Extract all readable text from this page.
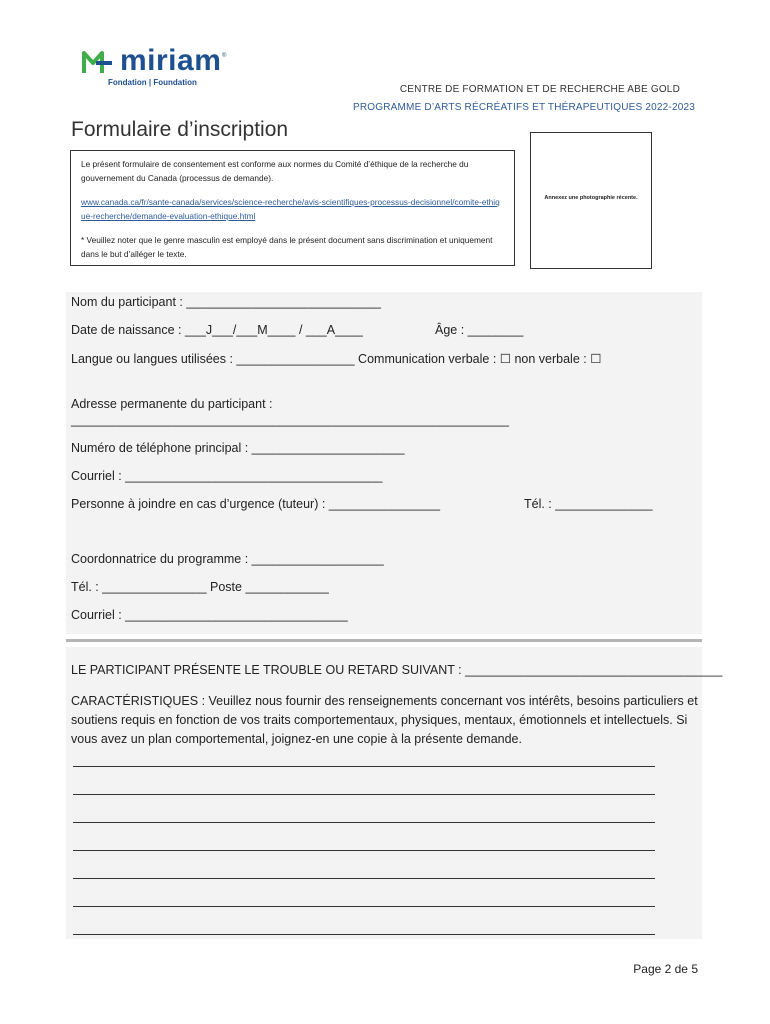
miriam ®
Fondation | Foundation
CENTRE DE FORMATION ET DE RECHERCHE ABE GOLD
PROGRAMME D’ARTS RÉCRÉATIFS ET THÉRAPEUTIQUES 2022-2023
Formulaire d’inscription

Le présent formulaire de consentement est conforme aux normes du Comité d’éthique de la recherche du gouvernement du Canada (processus de demande).

www.canada.ca/fr/sante-canada/services/science-recherche/avis-scientifiques-processus-decisionnel/comite-ethique-recherche/demande-evaluation-ethique.html

* Veuillez noter que le genre masculin est employé dans le présent document sans discrimination et uniquement dans le but d’alléger le texte.

Annexez une photographie récente.
Nom du participant : ____________________________
Date de naissance : ___J___/___M____ / ___A____	Âge : ________
Langue ou langues utilisées : _________________ Communication verbale : ☐ non verbale : ☐
Adresse permanente du participant :
_______________________________________________________________
Numéro de téléphone principal : ______________________
Courriel : _____________________________________
Personne à joindre en cas d’urgence (tuteur) : ________________	Tél. : ______________
Coordonnatrice du programme : ___________________
Tél. : _______________ Poste ____________
Courriel : ________________________________
LE PARTICIPANT PRÉSENTE LE TROUBLE OU RETARD SUIVANT : _____________________________________
CARACTÉRISTIQUES : Veuillez nous fournir des renseignements concernant vos intérêts, besoins particuliers et soutiens requis en fonction de vos traits comportementaux, physiques, mentaux, émotionnels et intellectuels. Si vous avez un plan comportemental, joignez-en une copie à la présente demande.
Page 2 de 5
